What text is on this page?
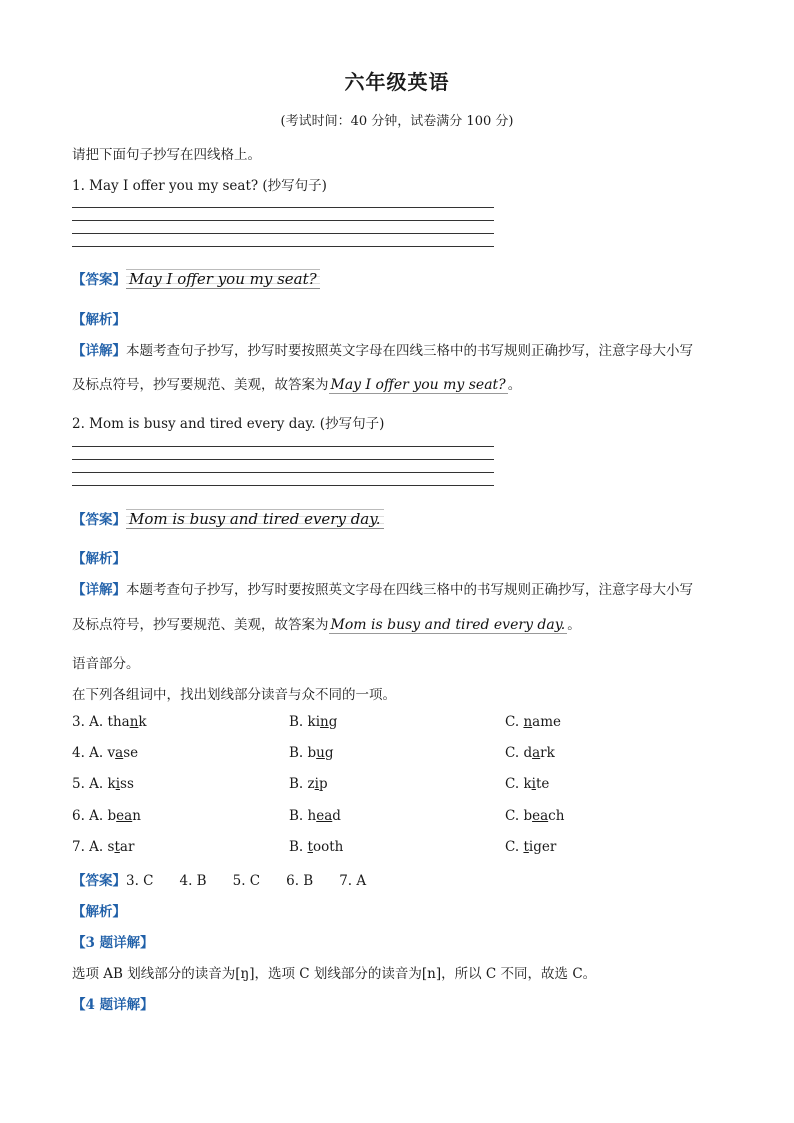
六年级英语
(考试时间：40 分钟，试卷满分 100 分)
请把下面句子抄写在四线格上。
1. May I offer you my seat? (抄写句子)
【答案】 May I offer you my seat?
【解析】
【详解】本题考查句子抄写，抄写时要按照英文字母在四线三格中的书写规则正确抄写，注意字母大小写
及标点符号，抄写要规范、美观，故答案为 May I offer you my seat? 。
2. Mom is busy and tired every day. (抄写句子)
【答案】 Mom is busy and tired every day.
【解析】
【详解】本题考查句子抄写，抄写时要按照英文字母在四线三格中的书写规则正确抄写，注意字母大小写
及标点符号，抄写要规范、美观，故答案为 Mom is busy and tired every day. 。
语音部分。
在下列各组词中，找出划线部分读音与众不同的一项。
3. A. thank	B. king	C. name
4. A. vase	B. bug	C. dark
5. A. kiss	B. zip	C. kite
6. A. bean	B. head	C. beach
7. A. star	B. tooth	C. tiger
【答案】3. C 4. B 5. C 6. B 7. A
【解析】
【3 题详解】
选项 AB 划线部分的读音为[ŋ]，选项 C 划线部分的读音为[n]，所以 C 不同，故选 C。
【4 题详解】
